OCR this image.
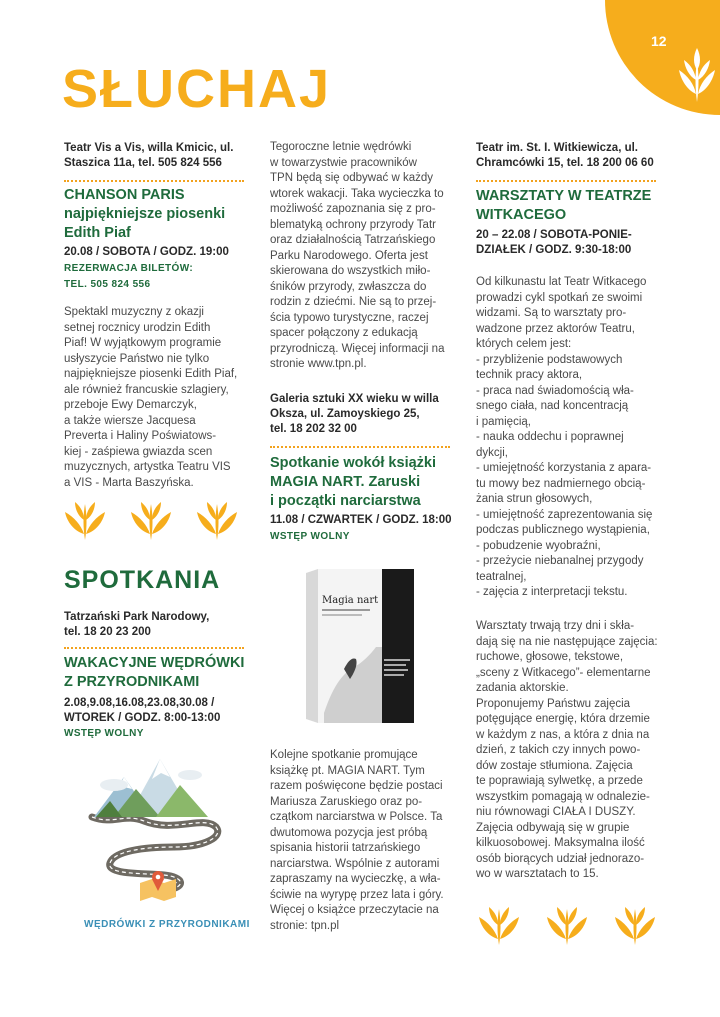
12
SŁUCHAJ
Teatr Vis a Vis, willa Kmicic, ul.
Staszica 11a, tel. 505 824 556
CHANSON PARIS
najpiękniejsze piosenki
Edith Piaf
20.08 / SOBOTA / GODZ. 19:00
REZERWACJA BILETÓW:
TEL. 505 824 556
Spektakl muzyczny z okazji
setnej rocznicy urodzin Edith
Piaf! W wyjątkowym programie
usłyszycie Państwo nie tylko
najpiękniejsze piosenki Edith Piaf,
ale również francuskie szlagiery,
przeboje Ewy Demarczyk,
a także wiersze Jacquesa
Preverta i Haliny Poświatows-
kiej - zaśpiewa gwiazda scen
muzycznych, artystka Teatru VIS
a VIS - Marta Baszyńska.
SPOTKANIA
Tatrzański Park Narodowy,
tel. 18 20 23 200
WAKACYJNE WĘDRÓWKI
Z PRZYRODNIKAMI
2.08,9.08,16.08,23.08,30.08 /
WTOREK / GODZ. 8:00-13:00
WSTĘP WOLNY
WĘDRÓWKI Z PRZYRODNIKAMI
Tegoroczne letnie wędrówki
w towarzystwie pracowników
TPN będą się odbywać w każdy
wtorek wakacji. Taka wycieczka to
możliwość zapoznania się z pro-
blematyką ochrony przyrody Tatr
oraz działalnością Tatrzańskiego
Parku Narodowego. Oferta jest
skierowana do wszystkich miło-
śników przyrody, zwłaszcza do
rodzin z dziećmi. Nie są to przej-
ścia typowo turystyczne, raczej
spacer połączony z edukacją
przyrodniczą. Więcej informacji na
stronie www.tpn.pl.
Galeria sztuki XX wieku w willa
Oksza, ul. Zamoyskiego 25,
tel. 18 202 32 00
Spotkanie wokół książki
MAGIA NART. Zaruski
i początki narciarstwa
11.08 / CZWARTEK / GODZ. 18:00
WSTĘP WOLNY
Magia nart
Kolejne spotkanie promujące
książkę pt. MAGIA NART. Tym
razem poświęcone będzie postaci
Mariusza Zaruskiego oraz po-
czątkom narciarstwa w Polsce. Ta
dwutomowa pozycja jest próbą
spisania historii tatrzańskiego
narciarstwa. Wspólnie z autorami
zapraszamy na wycieczkę, a wła-
ściwie na wyrypę przez lata i góry.
Więcej o książce przeczytacie na
stronie: tpn.pl
Teatr im. St. I. Witkiewicza, ul.
Chramcówki 15, tel. 18 200 06 60
WARSZTATY W TEATRZE
WITKACEGO
20 – 22.08 / SOBOTA-PONIE-
DZIAŁEK / GODZ. 9:30-18:00
Od kilkunastu lat Teatr Witkacego
prowadzi cykl spotkań ze swoimi
widzami. Są to warsztaty pro-
wadzone przez aktorów Teatru,
których celem jest:
- przybliżenie podstawowych
technik pracy aktora,
- praca nad świadomością wła-
snego ciała, nad koncentracją
i pamięcią,
- nauka oddechu i poprawnej
dykcji,
- umiejętność korzystania z apara-
tu mowy bez nadmiernego obcią-
żania strun głosowych,
- umiejętność zaprezentowania się
podczas publicznego wystąpienia,
- pobudzenie wyobraźni,
- przeżycie niebanalnej przygody
teatralnej,
- zajęcia z interpretacji tekstu.
Warsztaty trwają trzy dni i skła-
dają się na nie następujące zajęcia:
ruchowe, głosowe, tekstowe,
„sceny z Witkacego”- elementarne
zadania aktorskie.
Proponujemy Państwu zajęcia
potęgujące energię, która drzemie
w każdym z nas, a która z dnia na
dzień, z takich czy innych powo-
dów zostaje stłumiona. Zajęcia
te poprawiają sylwetkę, a przede
wszystkim pomagają w odnalezie-
niu równowagi CIAŁA I DUSZY.
Zajęcia odbywają się w grupie
kilkuosobowej. Maksymalna ilość
osób biorących udział jednorazo-
wo w warsztatach to 15.
